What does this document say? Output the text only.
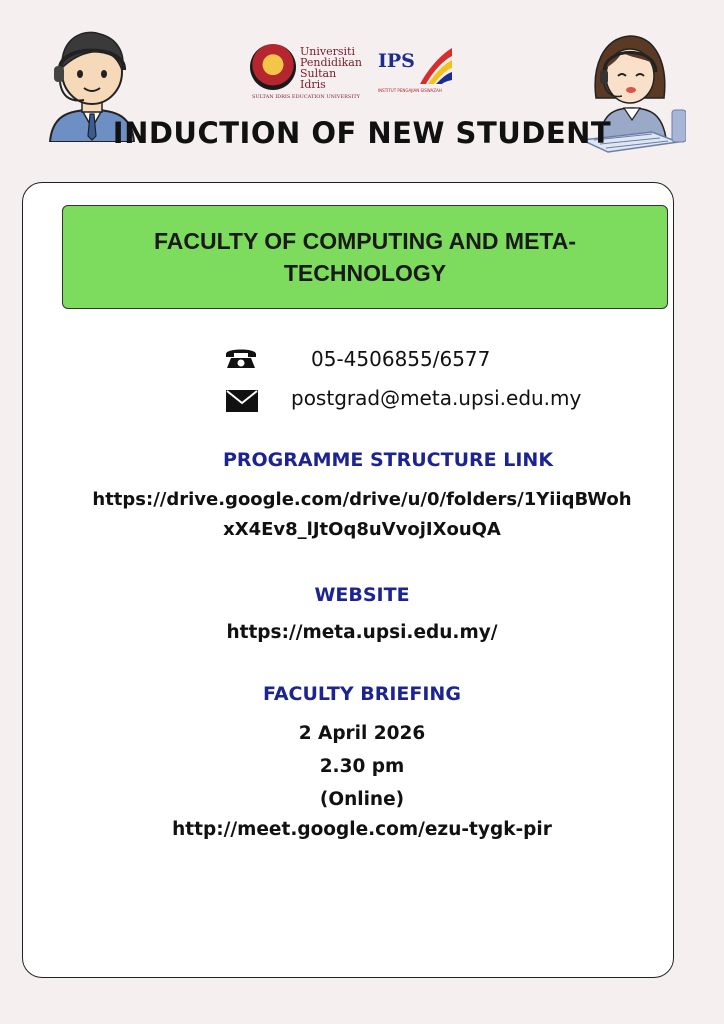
Universiti
Pendidikan
Sultan Idris
SULTAN IDRIS EDUCATION UNIVERSITY
IPS
INSTITUT PENGAJIAN SISWAZAH
INDUCTION OF NEW STUDENT
FACULTY OF COMPUTING AND META-TECHNOLOGY
05-4506855/6577
postgrad@meta.upsi.edu.my
PROGRAMME STRUCTURE LINK
https://drive.google.com/drive/u/0/folders/1YiiqBWoh
xX4Ev8_lJtOq8uVvojIXouQA
WEBSITE
https://meta.upsi.edu.my/
FACULTY BRIEFING
2 April 2026
2.30 pm
(Online)
http://meet.google.com/ezu-tygk-pir
